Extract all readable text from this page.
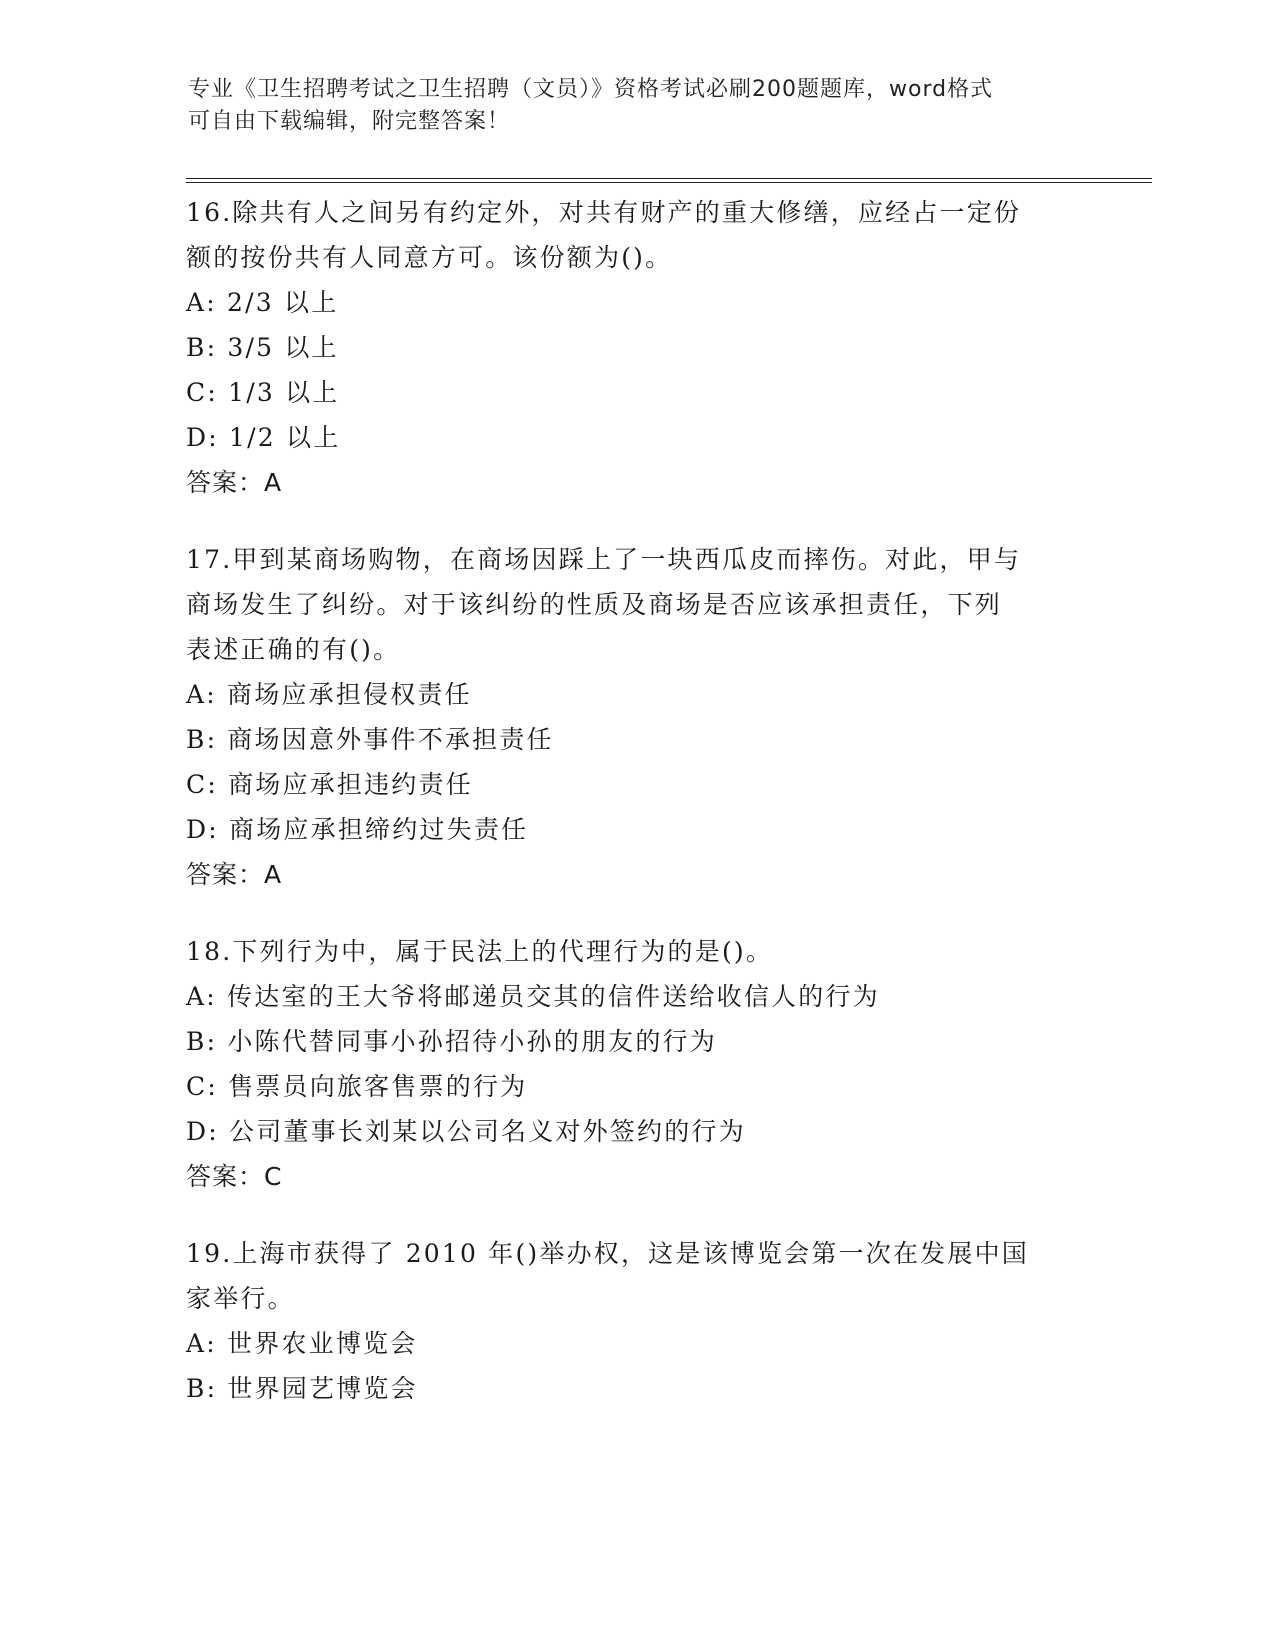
专业《卫生招聘考试之卫生招聘（文员）》资格考试必刷200题题库，word格式
可自由下载编辑，附完整答案！
16.除共有人之间另有约定外，对共有财产的重大修缮，应经占一定份
额的按份共有人同意方可。该份额为()。
A: 2/3 以上
B: 3/5 以上
C: 1/3 以上
D: 1/2 以上
答案：A
17.甲到某商场购物，在商场因踩上了一块西瓜皮而摔伤。对此，甲与
商场发生了纠纷。对于该纠纷的性质及商场是否应该承担责任，下列
表述正确的有()。
A: 商场应承担侵权责任
B: 商场因意外事件不承担责任
C: 商场应承担违约责任
D: 商场应承担缔约过失责任
答案：A
18.下列行为中，属于民法上的代理行为的是()。
A: 传达室的王大爷将邮递员交其的信件送给收信人的行为
B: 小陈代替同事小孙招待小孙的朋友的行为
C: 售票员向旅客售票的行为
D: 公司董事长刘某以公司名义对外签约的行为
答案：C
19.上海市获得了 2010 年()举办权，这是该博览会第一次在发展中国
家举行。
A: 世界农业博览会
B: 世界园艺博览会
